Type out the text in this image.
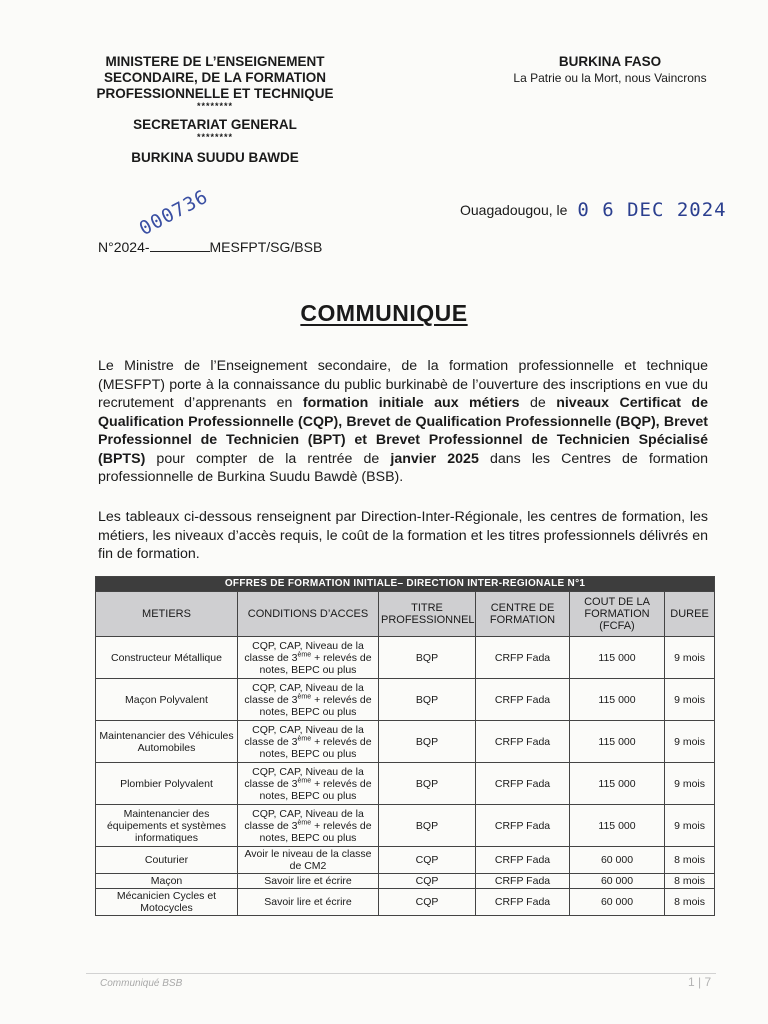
MINISTERE DE L’ENSEIGNEMENT
SECONDAIRE, DE LA FORMATION
PROFESSIONNELLE ET TECHNIQUE
********
SECRETARIAT GENERAL
********
BURKINA SUUDU BAWDE
BURKINA FASO
La Patrie ou la Mort, nous Vaincrons
Ouagadougou, le 0 6 DEC 2024
N°2024-	MESFPT/SG/BSB
000736
COMMUNIQUE
Le Ministre de l’Enseignement secondaire, de la formation professionnelle et technique (MESFPT) porte à la connaissance du public burkinabè de l’ouverture des inscriptions en vue du recrutement d’apprenants en formation initiale aux métiers de niveaux Certificat de Qualification Professionnelle (CQP), Brevet de Qualification Professionnelle (BQP), Brevet Professionnel de Technicien (BPT) et Brevet Professionnel de Technicien Spécialisé (BPTS) pour compter de la rentrée de janvier 2025 dans les Centres de formation professionnelle de Burkina Suudu Bawdè (BSB).
Les tableaux ci-dessous renseignent par Direction-Inter-Régionale, les centres de formation, les métiers, les niveaux d’accès requis, le coût de la formation et les titres professionnels délivrés en fin de formation.
OFFRES DE FORMATION INITIALE– DIRECTION INTER-REGIONALE N°1					
METIERS	CONDITIONS D’ACCES	TITRE PROFESSIONNEL	CENTRE DE FORMATION	COUT DE LA FORMATION (FCFA)	DUREE
Constructeur Métallique	CQP, CAP, Niveau de la classe de 3ème + relevés de notes, BEPC ou plus	BQP	CRFP Fada	115 000	9 mois
Maçon Polyvalent	CQP, CAP, Niveau de la classe de 3ème + relevés de notes, BEPC ou plus	BQP	CRFP Fada	115 000	9 mois
Maintenancier des Véhicules Automobiles	CQP, CAP, Niveau de la classe de 3ème + relevés de notes, BEPC ou plus	BQP	CRFP Fada	115 000	9 mois
Plombier Polyvalent	CQP, CAP, Niveau de la classe de 3ème + relevés de notes, BEPC ou plus	BQP	CRFP Fada	115 000	9 mois
Maintenancier des équipements et systèmes informatiques	CQP, CAP, Niveau de la classe de 3ème + relevés de notes, BEPC ou plus	BQP	CRFP Fada	115 000	9 mois
Couturier	Avoir le niveau de la classe de CM2	CQP	CRFP Fada	60 000	8 mois
Maçon	Savoir lire et écrire	CQP	CRFP Fada	60 000	8 mois
Mécanicien Cycles et Motocycles	Savoir lire et écrire	CQP	CRFP Fada	60 000	8 mois
Communiqué BSB	1 | 7
